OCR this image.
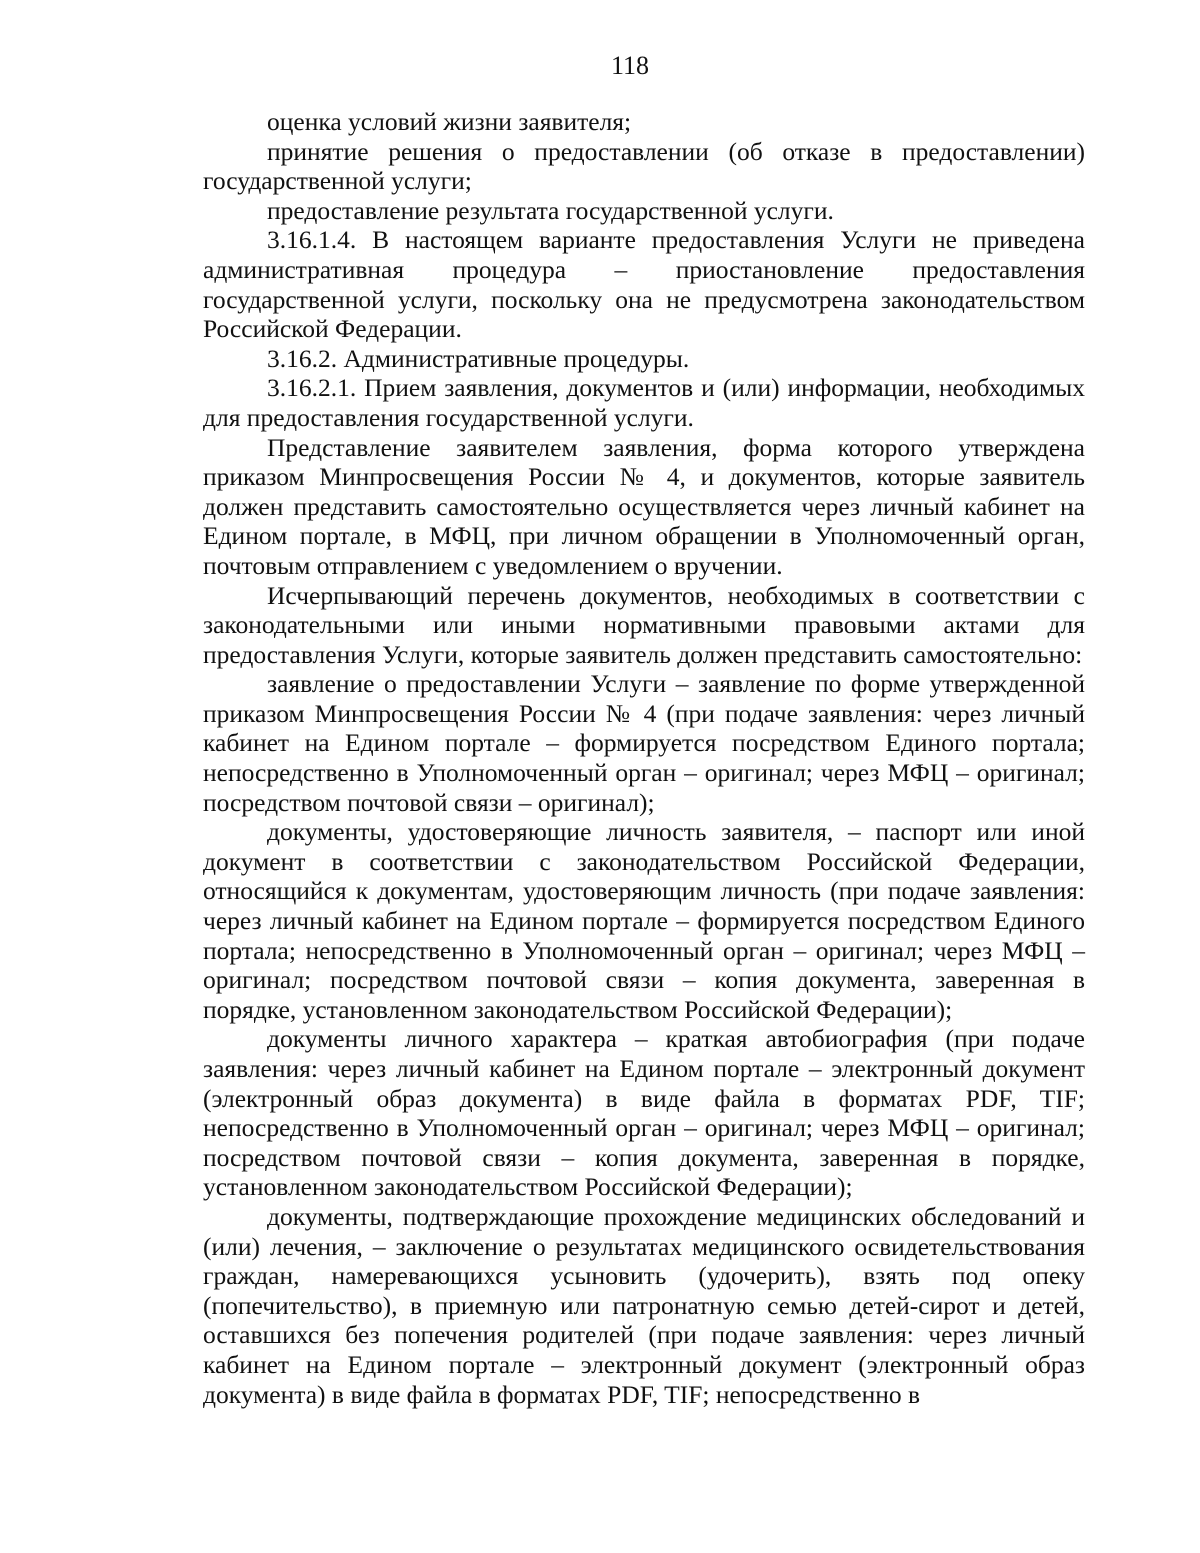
118

оценка условий жизни заявителя;

принятие решения о предоставлении (об отказе в предоставлении) государственной услуги;

предоставление результата государственной услуги.

3.16.1.4. В настоящем варианте предоставления Услуги не приведена административная процедура – приостановление предоставления государственной услуги, поскольку она не предусмотрена законодательством Российской Федерации.

3.16.2. Административные процедуры.

3.16.2.1. Прием заявления, документов и (или) информации, необходимых для предоставления государственной услуги.

Представление заявителем заявления, форма которого утверждена приказом Минпросвещения России № 4, и документов, которые заявитель должен представить самостоятельно осуществляется через личный кабинет на Едином портале, в МФЦ, при личном обращении в Уполномоченный орган, почтовым отправлением с уведомлением о вручении.

Исчерпывающий перечень документов, необходимых в соответствии с законодательными или иными нормативными правовыми актами для предоставления Услуги, которые заявитель должен представить самостоятельно:

заявление о предоставлении Услуги – заявление по форме утвержденной приказом Минпросвещения России № 4 (при подаче заявления: через личный кабинет на Едином портале – формируется посредством Единого портала; непосредственно в Уполномоченный орган – оригинал; через МФЦ – оригинал; посредством почтовой связи – оригинал);

документы, удостоверяющие личность заявителя, – паспорт или иной документ в соответствии с законодательством Российской Федерации, относящийся к документам, удостоверяющим личность (при подаче заявления: через личный кабинет на Едином портале – формируется посредством Единого портала; непосредственно в Уполномоченный орган – оригинал; через МФЦ – оригинал; посредством почтовой связи – копия документа, заверенная в порядке, установленном законодательством Российской Федерации);

документы личного характера – краткая автобиография (при подаче заявления: через личный кабинет на Едином портале – электронный документ (электронный образ документа) в виде файла в форматах PDF, TIF; непосредственно в Уполномоченный орган – оригинал; через МФЦ – оригинал; посредством почтовой связи – копия документа, заверенная в порядке, установленном законодательством Российской Федерации);

документы, подтверждающие прохождение медицинских обследований и (или) лечения, – заключение о результатах медицинского освидетельствования граждан, намеревающихся усыновить (удочерить), взять под опеку (попечительство), в приемную или патронатную семью детей-сирот и детей, оставшихся без попечения родителей (при подаче заявления: через личный кабинет на Едином портале – электронный документ (электронный образ документа) в виде файла в форматах PDF, TIF; непосредственно в
